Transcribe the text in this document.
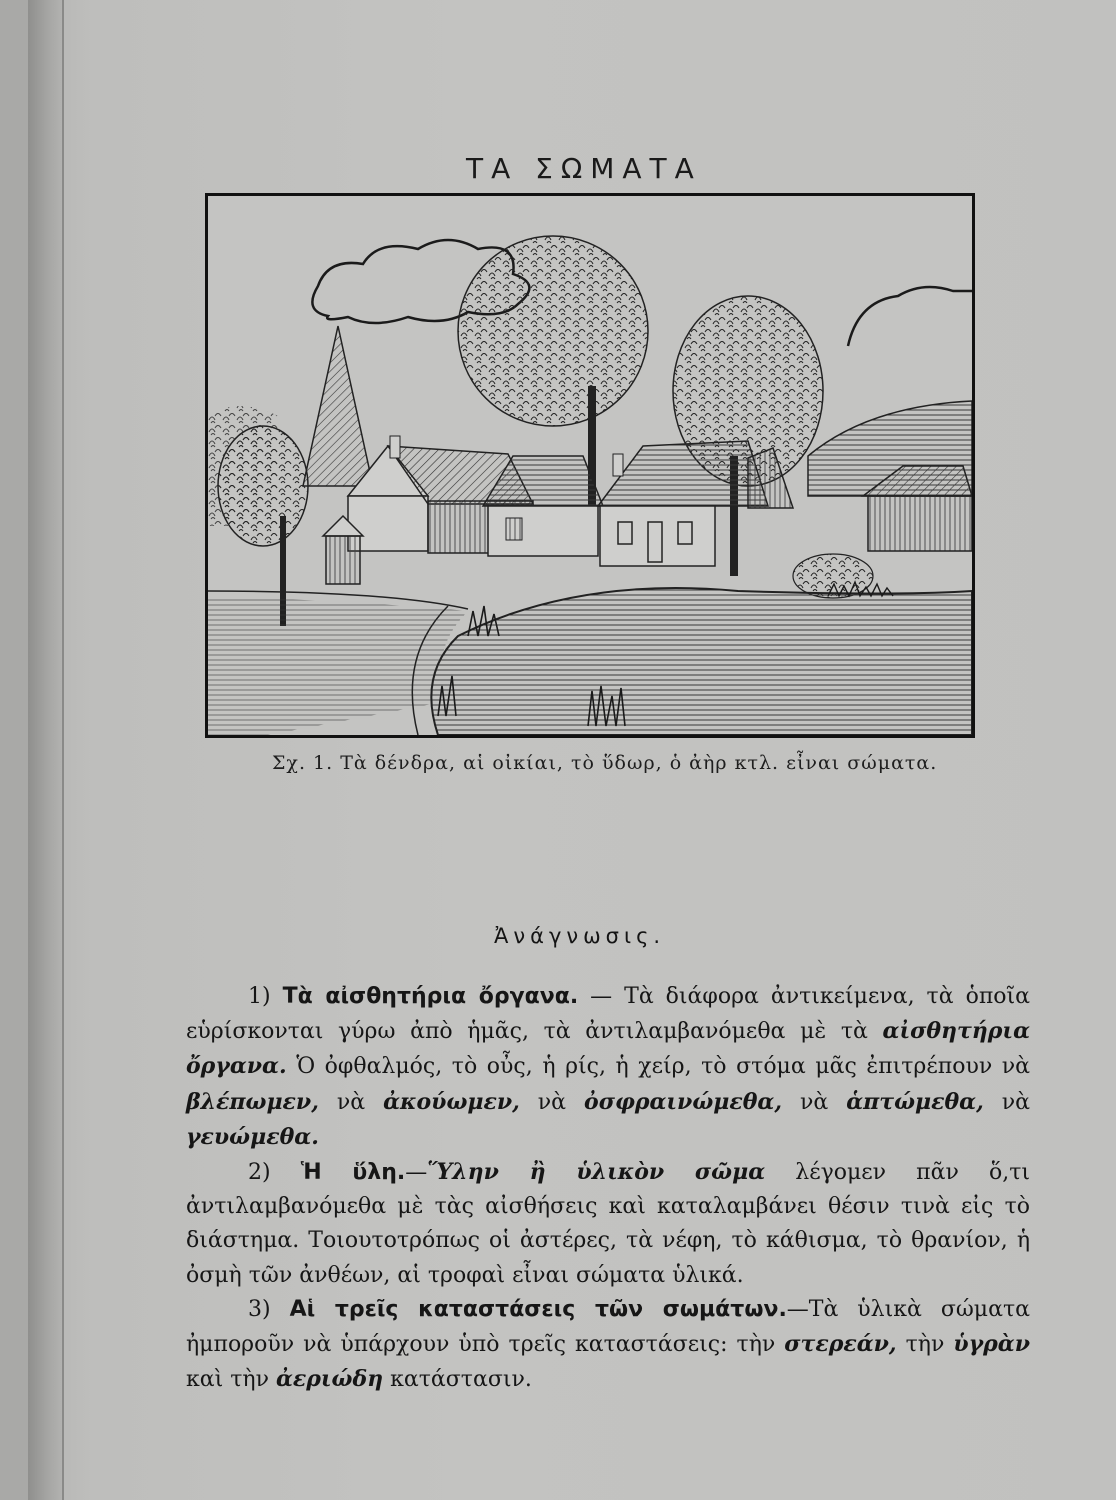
ΤΑ ΣΩΜΑΤΑ
Σχ. 1. Τὰ δένδρα, αἱ οἰκίαι, τὸ ὕδωρ, ὁ ἀὴρ κτλ. εἶναι σώματα.
Ἀνάγνωσις.

1) Τὰ αἰσθητήρια ὄργανα. — Τὰ διάφορα ἀντικείμενα, τὰ ὁποῖα εὑρίσκονται γύρω ἀπὸ ἡμᾶς, τὰ ἀντιλαμβανόμεθα μὲ τὰ αἰσθητήρια ὄργανα. Ὁ ὀφθαλμός, τὸ οὖς, ἡ ρίς, ἡ χείρ, τὸ στόμα μᾶς ἐπιτρέπουν νὰ βλέπωμεν, νὰ ἀκούωμεν, νὰ ὀσφραινώμεθα, νὰ ἁπτώμεθα, νὰ γευώμεθα.

2) Ἡ ὕλη.—Ὕλην ἢ ὑλικὸν σῶμα λέγομεν πᾶν ὅ,τι ἀντιλαμβανόμεθα μὲ τὰς αἰσθήσεις καὶ καταλαμβάνει θέσιν τινὰ εἰς τὸ διάστημα. Τοιουτοτρόπως οἱ ἀστέρες, τὰ νέφη, τὸ κάθισμα, τὸ θρανίον, ἡ ὀσμὴ τῶν ἀνθέων, αἱ τροφαὶ εἶναι σώματα ὑλικά.

3) Αἱ τρεῖς καταστάσεις τῶν σωμάτων.—Τὰ ὑλικὰ σώματα ἠμποροῦν νὰ ὑπάρχουν ὑπὸ τρεῖς καταστάσεις: τὴν στερεάν, τὴν ὑγρὰν καὶ τὴν ἀεριώδη κατάστασιν.
